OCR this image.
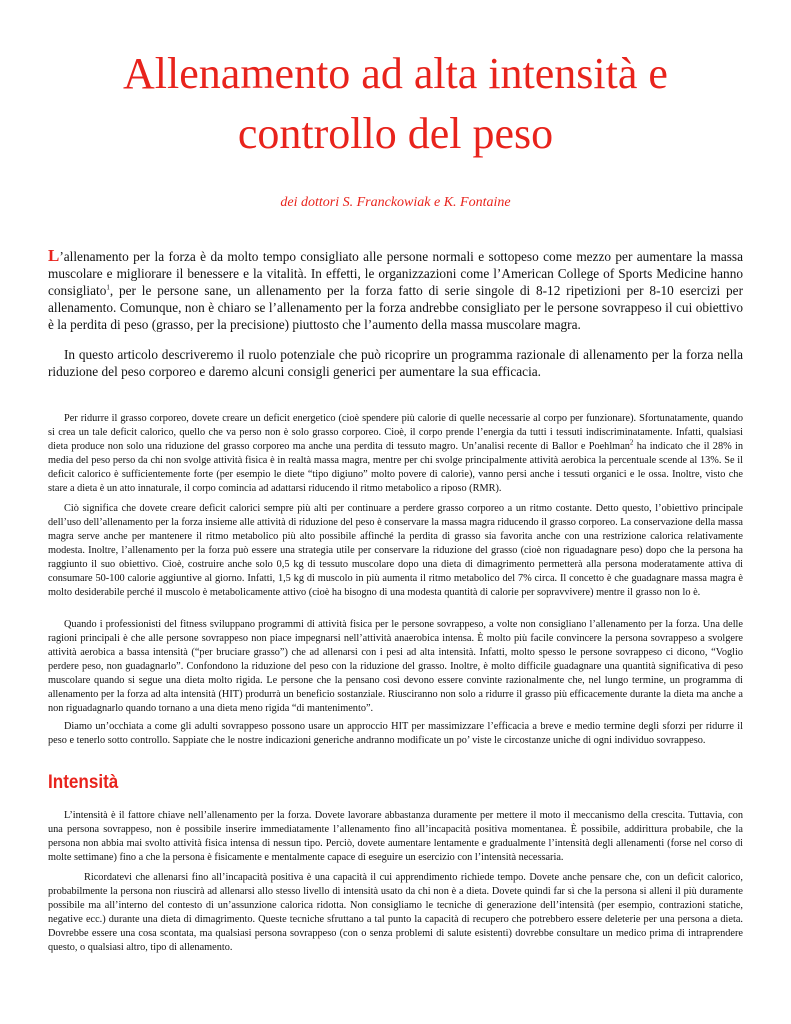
Allenamento ad alta intensità e
controllo del peso

dei dottori S. Franckowiak e K. Fontaine

L’allenamento per la forza è da molto tempo consigliato alle persone normali e sottopeso come mezzo per aumentare la massa muscolare e migliorare il benessere e la vitalità. In effetti, le organizzazioni come l’American College of Sports Medicine hanno consigliato$^1$, per le persone sane, un allenamento per la forza fatto di serie singole di 8-12 ripetizioni per 8-10 esercizi per allenamento. Comunque, non è chiaro se l’allenamento per la forza andrebbe consigliato per le persone sovrappeso il cui obiettivo è la perdita di peso (grasso, per la precisione) piuttosto che l’aumento della massa muscolare magra.

In questo articolo descriveremo il ruolo potenziale che può ricoprire un programma razionale di allenamento per la forza nella riduzione del peso corporeo e daremo alcuni consigli generici per aumentare la sua efficacia.

Per ridurre il grasso corporeo, dovete creare un deficit energetico (cioè spendere più calorie di quelle necessarie al corpo per funzionare). Sfortunatamente, quando si crea un tale deficit calorico, quello che va perso non è solo grasso corporeo. Cioè, il corpo prende l’energia da tutti i tessuti indiscriminatamente. Infatti, qualsiasi dieta produce non solo una riduzione del grasso corporeo ma anche una perdita di tessuto magro. Un’analisi recente di Ballor e Poehlman$^2$ ha indicato che il 28% in media del peso perso da chi non svolge attività fisica è in realtà massa magra, mentre per chi svolge principalmente attività aerobica la percentuale scende al 13%. Se il deficit calorico è sufficientemente forte (per esempio le diete “tipo digiuno” molto povere di calorie), vanno persi anche i tessuti organici e le ossa. Inoltre, visto che stare a dieta è un atto innaturale, il corpo comincia ad adattarsi riducendo il ritmo metabolico a riposo (RMR).

Ciò significa che dovete creare deficit calorici sempre più alti per continuare a perdere grasso corporeo a un ritmo costante. Detto questo, l’obiettivo principale dell’uso dell’allenamento per la forza insieme alle attività di riduzione del peso è conservare la massa magra riducendo il grasso corporeo. La conservazione della massa magra serve anche per mantenere il ritmo metabolico più alto possibile affinché la perdita di grasso sia favorita anche con una restrizione calorica relativamente modesta. Inoltre, l’allenamento per la forza può essere una strategia utile per conservare la riduzione del grasso (cioè non riguadagnare peso) dopo che la persona ha raggiunto il suo obiettivo. Cioè, costruire anche solo 0,5 kg di tessuto muscolare dopo una dieta di dimagrimento permetterà alla persona moderatamente attiva di consumare 50-100 calorie aggiuntive al giorno. Infatti, 1,5 kg di muscolo in più aumenta il ritmo metabolico del 7% circa. Il concetto è che guadagnare massa magra è molto desiderabile perché il muscolo è metabolicamente attivo (cioè ha bisogno di una modesta quantità di calorie per sopravvivere) mentre il grasso non lo è.

Quando i professionisti del fitness sviluppano programmi di attività fisica per le persone sovrappeso, a volte non consigliano l’allenamento per la forza. Una delle ragioni principali è che alle persone sovrappeso non piace impegnarsi nell’attività anaerobica intensa. È molto più facile convincere la persona sovrappeso a svolgere attività aerobica a bassa intensità (“per bruciare grasso”) che ad allenarsi con i pesi ad alta intensità. Infatti, molto spesso le persone sovrappeso ci dicono, “Voglio perdere peso, non guadagnarlo”. Confondono la riduzione del peso con la riduzione del grasso. Inoltre, è molto difficile guadagnare una quantità significativa di peso muscolare quando si segue una dieta molto rigida. Le persone che la pensano così devono essere convinte razionalmente che, nel lungo termine, un programma di allenamento per la forza ad alta intensità (HIT) produrrà un beneficio sostanziale. Riusciranno non solo a ridurre il grasso più efficacemente durante la dieta ma anche a non riguadagnarlo quando tornano a una dieta meno rigida “di mantenimento”.

Diamo un’occhiata a come gli adulti sovrappeso possono usare un approccio HIT per massimizzare l’efficacia a breve e medio termine degli sforzi per ridurre il peso e tenerlo sotto controllo. Sappiate che le nostre indicazioni generiche andranno modificate un po’ viste le circostanze uniche di ogni individuo sovrappeso.

Intensità

L’intensità è il fattore chiave nell’allenamento per la forza. Dovete lavorare abbastanza duramente per mettere il moto il meccanismo della crescita. Tuttavia, con una persona sovrappeso, non è possibile inserire immediatamente l’allenamento fino all’incapacità positiva momentanea. È possibile, addirittura probabile, che la persona non abbia mai svolto attività fisica intensa di nessun tipo. Perciò, dovete aumentare lentamente e gradualmente l’intensità degli allenamenti (forse nel corso di molte settimane) fino a che la persona è fisicamente e mentalmente capace di eseguire un esercizio con l’intensità necessaria.

Ricordatevi che allenarsi fino all’incapacità positiva è una capacità il cui apprendimento richiede tempo. Dovete anche pensare che, con un deficit calorico, probabilmente la persona non riuscirà ad allenarsi allo stesso livello di intensità usato da chi non è a dieta. Dovete quindi far sì che la persona si alleni il più duramente possibile ma all’interno del contesto di un’assunzione calorica ridotta. Non consigliamo le tecniche di generazione dell’intensità (per esempio, contrazioni statiche, negative ecc.) durante una dieta di dimagrimento. Queste tecniche sfruttano a tal punto la capacità di recupero che potrebbero essere deleterie per una persona a dieta. Dovrebbe essere una cosa scontata, ma qualsiasi persona sovrappeso (con o senza problemi di salute esistenti) dovrebbe consultare un medico prima di intraprendere questo, o qualsiasi altro, tipo di allenamento.
